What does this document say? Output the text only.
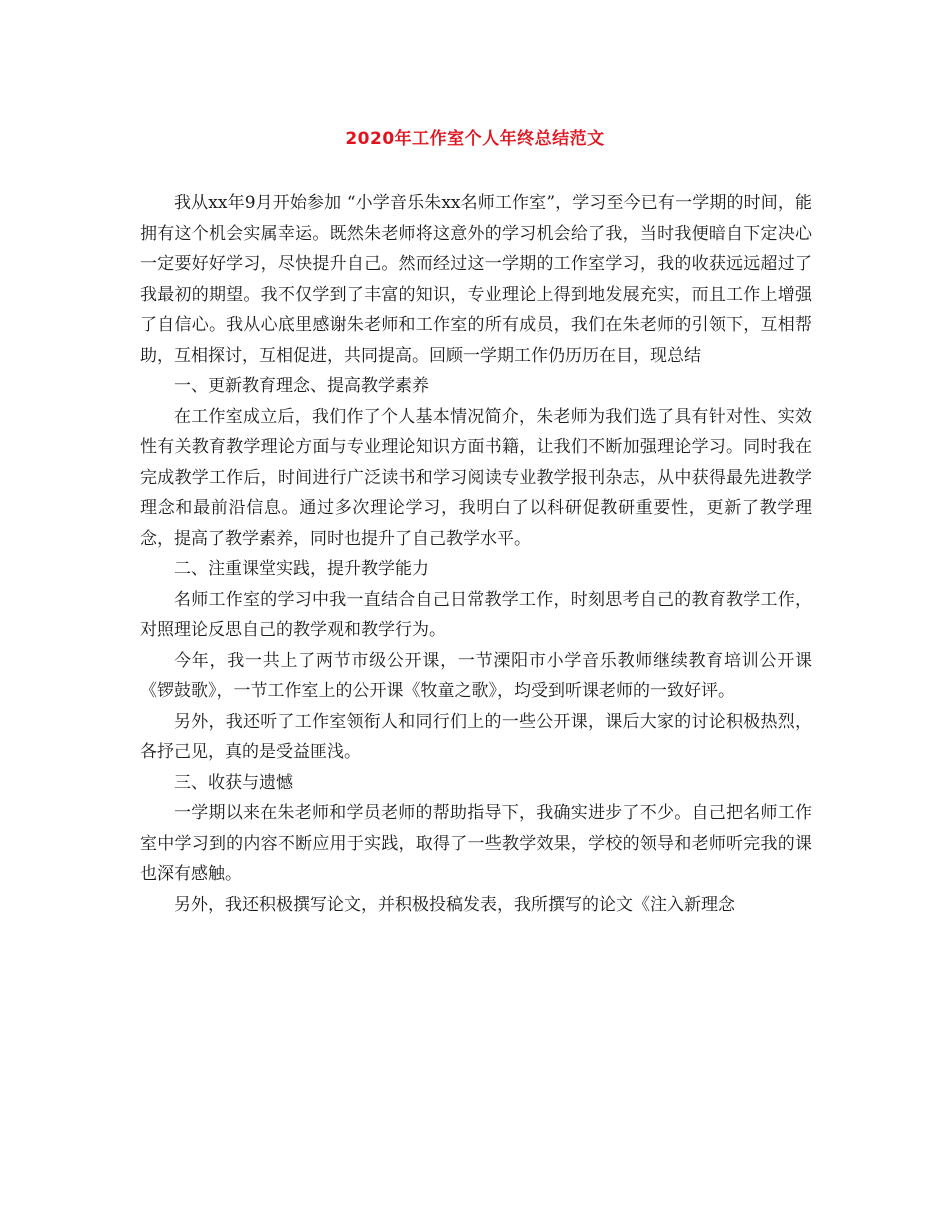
2020年工作室个人年终总结范文

我从xx年9月开始参加 “小学音乐朱xx名师工作室”，学习至今已有一学期的时间，能拥有这个机会实属幸运。既然朱老师将这意外的学习机会给了我，当时我便暗自下定决心一定要好好学习，尽快提升自己。然而经过这一学期的工作室学习，我的收获远远超过了我最初的期望。我不仅学到了丰富的知识，专业理论上得到地发展充实，而且工作上增强了自信心。我从心底里感谢朱老师和工作室的所有成员，我们在朱老师的引领下，互相帮助，互相探讨，互相促进，共同提高。回顾一学期工作仍历历在目，现总结

一、更新教育理念、提高教学素养

在工作室成立后，我们作了个人基本情况简介，朱老师为我们选了具有针对性、实效性有关教育教学理论方面与专业理论知识方面书籍，让我们不断加强理论学习。同时我在完成教学工作后，时间进行广泛读书和学习阅读专业教学报刊杂志，从中获得最先进教学理念和最前沿信息。通过多次理论学习，我明白了以科研促教研重要性，更新了教学理念，提高了教学素养，同时也提升了自己教学水平。

二、注重课堂实践，提升教学能力

名师工作室的学习中我一直结合自己日常教学工作，时刻思考自己的教育教学工作，对照理论反思自己的教学观和教学行为。

今年，我一共上了两节市级公开课，一节溧阳市小学音乐教师继续教育培训公开课《锣鼓歌》，一节工作室上的公开课《牧童之歌》，均受到听课老师的一致好评。

另外，我还听了工作室领衔人和同行们上的一些公开课，课后大家的讨论积极热烈，各抒己见，真的是受益匪浅。

三、收获与遗憾

一学期以来在朱老师和学员老师的帮助指导下，我确实进步了不少。自己把名师工作室中学习到的内容不断应用于实践，取得了一些教学效果，学校的领导和老师听完我的课也深有感触。

另外，我还积极撰写论文，并积极投稿发表，我所撰写的论文《注入新理念
